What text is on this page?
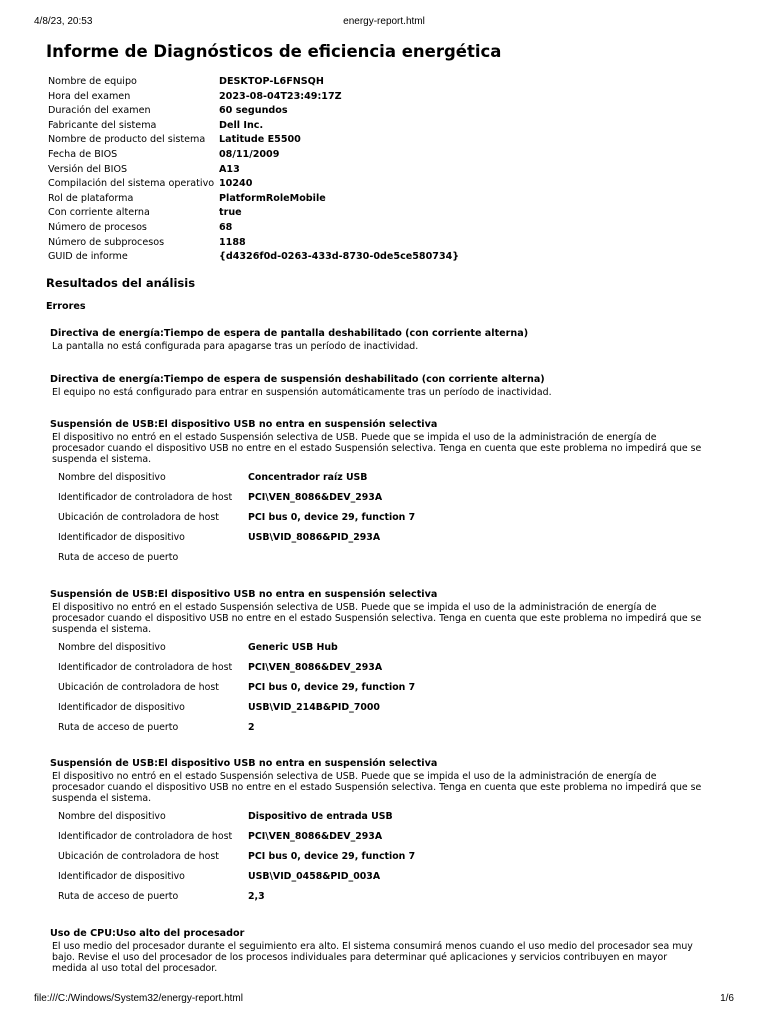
4/8/23, 20:53	energy-report.html
Informe de Diagnósticos de eficiencia energética
Nombre de equipo	DESKTOP-L6FNSQH
Hora del examen	2023-08-04T23:49:17Z
Duración del examen	60 segundos
Fabricante del sistema	Dell Inc.
Nombre de producto del sistema	Latitude E5500
Fecha de BIOS	08/11/2009
Versión del BIOS	A13
Compilación del sistema operativo	10240
Rol de plataforma	PlatformRoleMobile
Con corriente alterna	true
Número de procesos	68
Número de subprocesos	1188
GUID de informe	{d4326f0d-0263-433d-8730-0de5ce580734}
Resultados del análisis
Errores
Directiva de energía:Tiempo de espera de pantalla deshabilitado (con corriente alterna)
La pantalla no está configurada para apagarse tras un período de inactividad.
Directiva de energía:Tiempo de espera de suspensión deshabilitado (con corriente alterna)
El equipo no está configurado para entrar en suspensión automáticamente tras un período de inactividad.
Suspensión de USB:El dispositivo USB no entra en suspensión selectiva
El dispositivo no entró en el estado Suspensión selectiva de USB. Puede que se impida el uso de la administración de energía de procesador cuando el dispositivo USB no entre en el estado Suspensión selectiva. Tenga en cuenta que este problema no impedirá que se suspenda el sistema.
Nombre del dispositivo	Concentrador raíz USB
Identificador de controladora de host	PCI\VEN_8086&DEV_293A
Ubicación de controladora de host	PCI bus 0, device 29, function 7
Identificador de dispositivo	USB\VID_8086&PID_293A
Ruta de acceso de puerto	
Suspensión de USB:El dispositivo USB no entra en suspensión selectiva
El dispositivo no entró en el estado Suspensión selectiva de USB. Puede que se impida el uso de la administración de energía de procesador cuando el dispositivo USB no entre en el estado Suspensión selectiva. Tenga en cuenta que este problema no impedirá que se suspenda el sistema.
Nombre del dispositivo	Generic USB Hub
Identificador de controladora de host	PCI\VEN_8086&DEV_293A
Ubicación de controladora de host	PCI bus 0, device 29, function 7
Identificador de dispositivo	USB\VID_214B&PID_7000
Ruta de acceso de puerto	2
Suspensión de USB:El dispositivo USB no entra en suspensión selectiva
El dispositivo no entró en el estado Suspensión selectiva de USB. Puede que se impida el uso de la administración de energía de procesador cuando el dispositivo USB no entre en el estado Suspensión selectiva. Tenga en cuenta que este problema no impedirá que se suspenda el sistema.
Nombre del dispositivo	Dispositivo de entrada USB
Identificador de controladora de host	PCI\VEN_8086&DEV_293A
Ubicación de controladora de host	PCI bus 0, device 29, function 7
Identificador de dispositivo	USB\VID_0458&PID_003A
Ruta de acceso de puerto	2,3
Uso de CPU:Uso alto del procesador
El uso medio del procesador durante el seguimiento era alto. El sistema consumirá menos cuando el uso medio del procesador sea muy bajo. Revise el uso del procesador de los procesos individuales para determinar qué aplicaciones y servicios contribuyen en mayor medida al uso total del procesador.
file:///C:/Windows/System32/energy-report.html	1/6
